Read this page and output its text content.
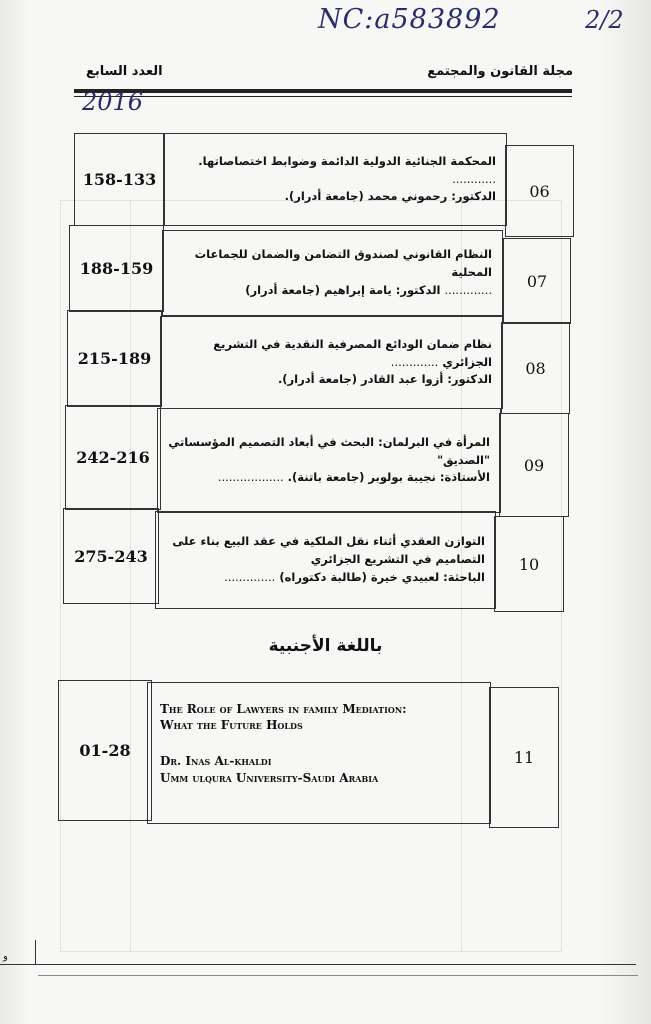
NC:a583892	2/2
مجلة القانون والمجتمع
العدد السابع
2016
158-133
المحكمة الجنائية الدولية الدائمة وضوابط اختصاصاتها. ............
الدكتور: رحموني محمد (جامعة أدرار). 06
188-159
النظام القانوني لصندوق التضامن والضمان للجماعات المحلية
............. الدكتور: يامة إبراهيم (جامعة أدرار)	07
215-189
نظام ضمان الودائع المصرفية النقدية في التشريع الجزائري .............
الدكتور: أزوا عبد القادر (جامعة أدرار).
08
242-216
المرأة في البرلمان: البحث في أبعاد التصميم المؤسساتي "الصديق"
الأستاذة: نجيبة بولوبر (جامعة باتنة). ..................
09
275-243
التوازن العقدي أثناء نقل الملكية في عقد البيع بناء على التصاميم في التشريع الجزائري
الباحثة: لعبيدي خيرة (طالبة دكتوراه) ..............
10
باللغة الأجنبية
01-28
The Role of Lawyers in family Mediation:
What the Future Holds
Dr. Inas Al-khaldi
Umm ulqura University-Saudi Arabia
11
و
